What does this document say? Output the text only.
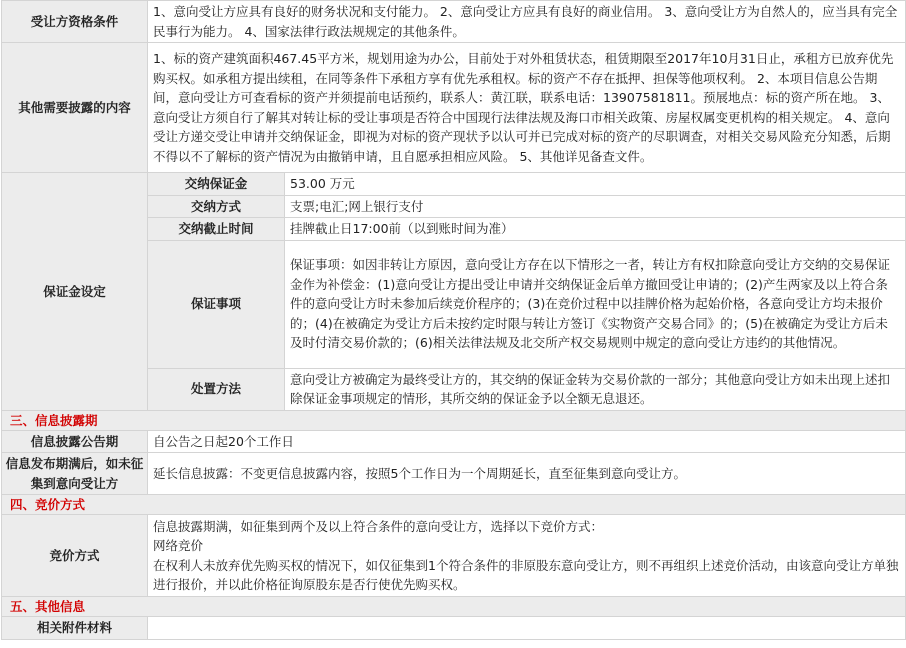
受让方资格条件	1、意向受让方应具有良好的财务状况和支付能力。 2、意向受让方应具有良好的商业信用。 3、意向受让方为自然人的，应当具有完全民事行为能力。 4、国家法律行政法规规定的其他条件。	
其他需要披露的内容	1、标的资产建筑面积467.45平方米，规划用途为办公，目前处于对外租赁状态，租赁期限至2017年10月31日止，承租方已放弃优先购买权。如承租方提出续租，在同等条件下承租方享有优先承租权。标的资产不存在抵押、担保等他项权利。 2、本项目信息公告期间，意向受让方可查看标的资产并须提前电话预约，联系人：黄江联，联系电话：13907581811。预展地点：标的资产所在地。 3、意向受让方须自行了解其对转让标的受让事项是否符合中国现行法律法规及海口市相关政策、房屋权属变更机构的相关规定。 4、意向受让方递交受让申请并交纳保证金，即视为对标的资产现状予以认可并已完成对标的资产的尽职调查，对相关交易风险充分知悉，后期不得以不了解标的资产情况为由撤销申请，且自愿承担相应风险。 5、其他详见备查文件。	
保证金设定	交纳保证金	53.00 万元
	交纳方式	支票;电汇;网上银行支付
	交纳截止时间	挂牌截止日17:00前（以到账时间为准）
	保证事项	保证事项：如因非转让方原因，意向受让方存在以下情形之一者，转让方有权扣除意向受让方交纳的交易保证金作为补偿金：(1)意向受让方提出受让申请并交纳保证金后单方撤回受让申请的；(2)产生两家及以上符合条件的意向受让方时未参加后续竞价程序的；(3)在竞价过程中以挂牌价格为起始价格，各意向受让方均未报价的；(4)在被确定为受让方后未按约定时限与转让方签订《实物资产交易合同》的；(5)在被确定为受让方后未及时付清交易价款的；(6)相关法律法规及北交所产权交易规则中规定的意向受让方违约的其他情况。
	处置方法	意向受让方被确定为最终受让方的，其交纳的保证金转为交易价款的一部分；其他意向受让方如未出现上述扣除保证金事项规定的情形，其所交纳的保证金予以全额无息退还。
三、信息披露期		
信息披露公告期	自公告之日起20个工作日	
信息发布期满后，如未征集到意向受让方	延长信息披露：不变更信息披露内容，按照5个工作日为一个周期延长，直至征集到意向受让方。	
四、竞价方式		
竞价方式	信息披露期满，如征集到两个及以上符合条件的意向受让方，选择以下竞价方式：
网络竞价
在权利人未放弃优先购买权的情况下，如仅征集到1个符合条件的非原股东意向受让方，则不再组织上述竞价活动，由该意向受让方单独进行报价，并以此价格征询原股东是否行使优先购买权。	

五、其他信息		
相关附件材料		
